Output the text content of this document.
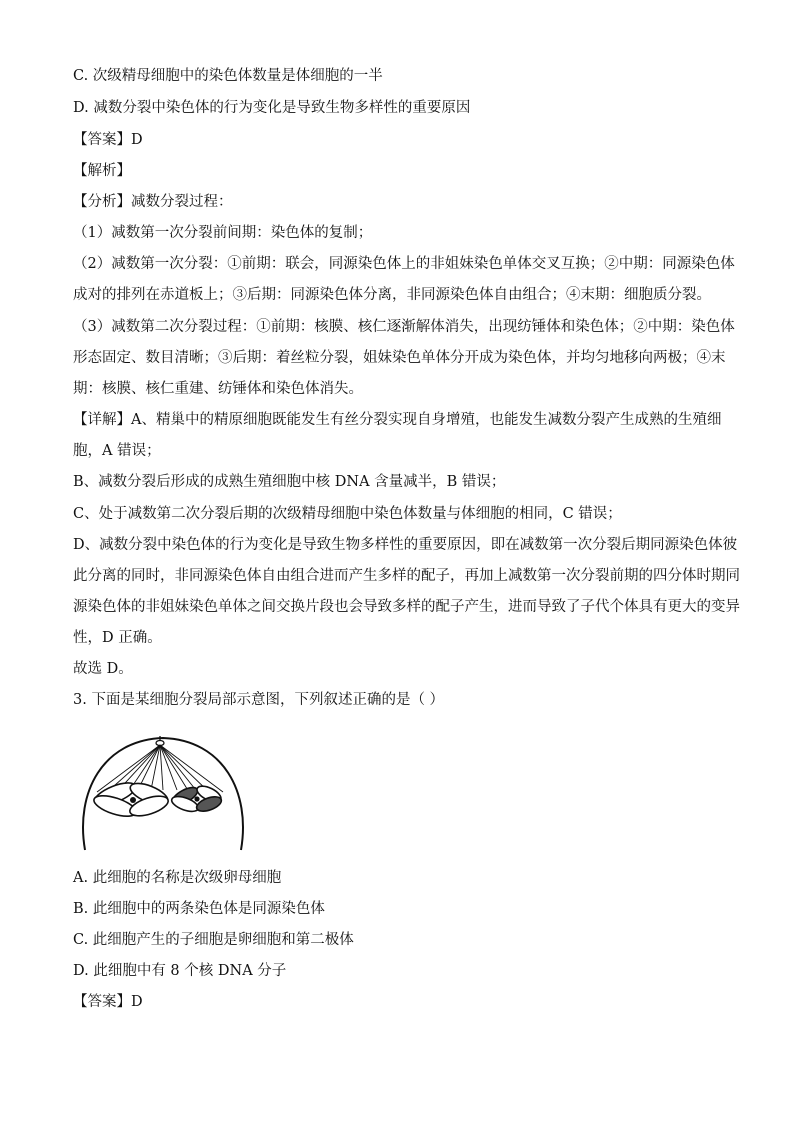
C. 次级精母细胞中的染色体数量是体细胞的一半
D. 减数分裂中染色体的行为变化是导致生物多样性的重要原因
【答案】D
【解析】
【分析】减数分裂过程：
（1）减数第一次分裂前间期：染色体的复制；
（2）减数第一次分裂：①前期：联会，同源染色体上的非姐妹染色单体交叉互换；②中期：同源染色体
成对的排列在赤道板上；③后期：同源染色体分离，非同源染色体自由组合；④末期：细胞质分裂。
（3）减数第二次分裂过程：①前期：核膜、核仁逐渐解体消失，出现纺锤体和染色体；②中期：染色体
形态固定、数目清晰；③后期：着丝粒分裂，姐妹染色单体分开成为染色体，并均匀地移向两极；④末
期：核膜、核仁重建、纺锤体和染色体消失。
【详解】A、精巢中的精原细胞既能发生有丝分裂实现自身增殖，也能发生减数分裂产生成熟的生殖细
胞，A 错误；
B、减数分裂后形成的成熟生殖细胞中核 DNA 含量减半，B 错误；
C、处于减数第二次分裂后期的次级精母细胞中染色体数量与体细胞的相同，C 错误；
D、减数分裂中染色体的行为变化是导致生物多样性的重要原因，即在减数第一次分裂后期同源染色体彼
此分离的同时，非同源染色体自由组合进而产生多样的配子，再加上减数第一次分裂前期的四分体时期同
源染色体的非姐妹染色单体之间交换片段也会导致多样的配子产生，进而导致了子代个体具有更大的变异
性，D 正确。
故选 D。
3. 下面是某细胞分裂局部示意图，下列叙述正确的是（ ）
A. 此细胞的名称是次级卵母细胞
B. 此细胞中的两条染色体是同源染色体
C. 此细胞产生的子细胞是卵细胞和第二极体
D. 此细胞中有 8 个核 DNA 分子
【答案】D
